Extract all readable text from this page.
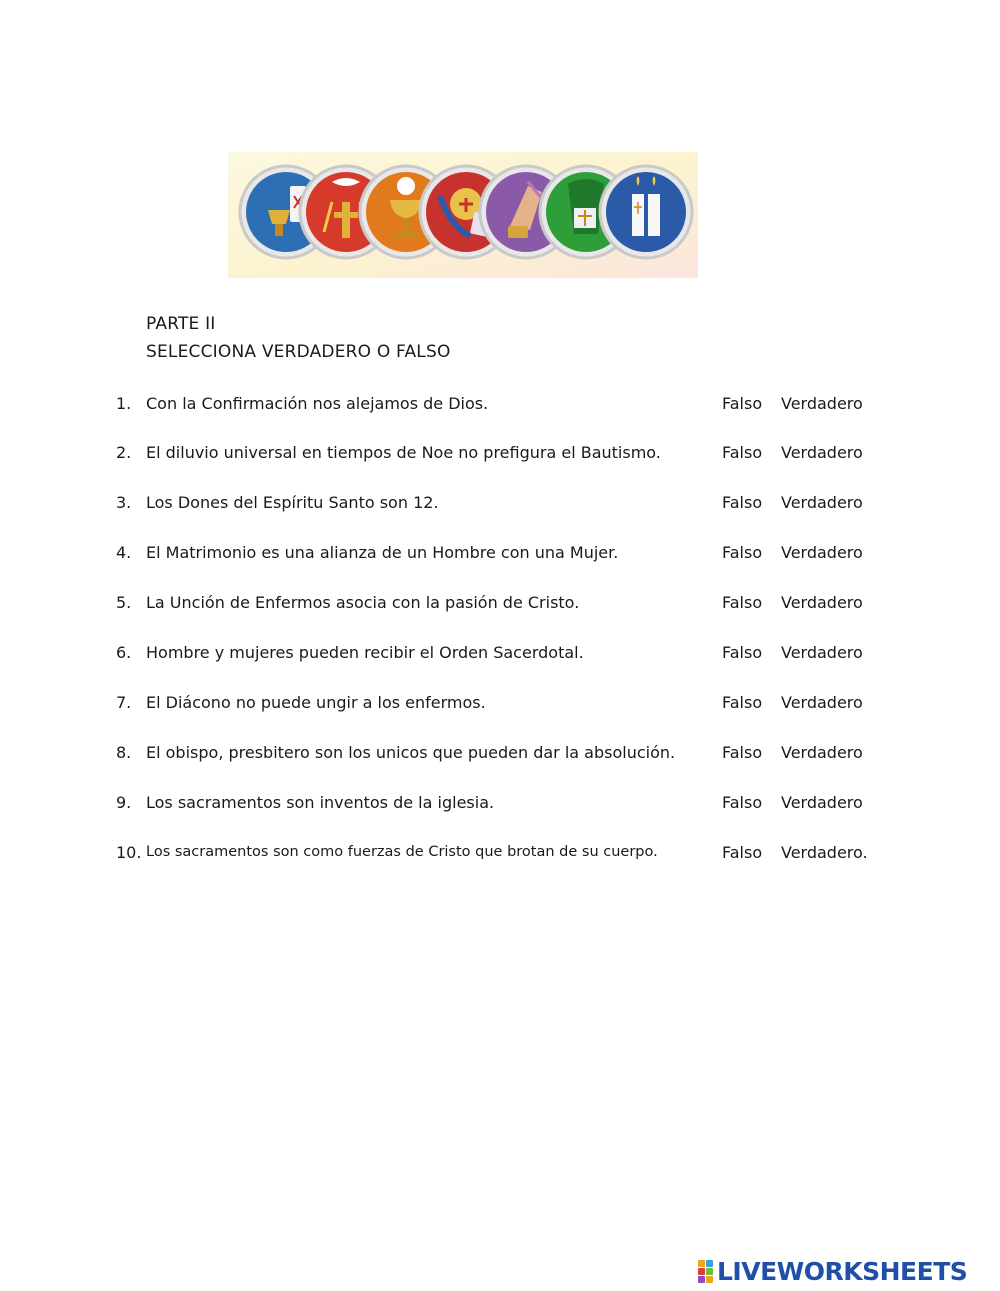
PARTE II
SELECCIONA VERDADERO O FALSO
1. Con la Confirmación nos alejamos de Dios.	Falso Verdadero
2. El diluvio universal en tiempos de Noe no prefigura el Bautismo.	Falso Verdadero
3. Los Dones del Espíritu Santo son 12.	Falso Verdadero
4. El Matrimonio es una alianza de un Hombre con una Mujer.	Falso Verdadero
5. La Unción de Enfermos asocia con la pasión de Cristo.	Falso Verdadero
6. Hombre y mujeres pueden recibir el Orden Sacerdotal.	Falso Verdadero
7. El Diácono no puede ungir a los enfermos.	Falso Verdadero
8. El obispo, presbitero son los unicos que pueden dar la absolución.	Falso Verdadero
9. Los sacramentos son inventos de la iglesia.	Falso Verdadero
10. Los sacramentos son como fuerzas de Cristo que brotan de su cuerpo.	Falso Verdadero.
LIVEWORKSHEETS
